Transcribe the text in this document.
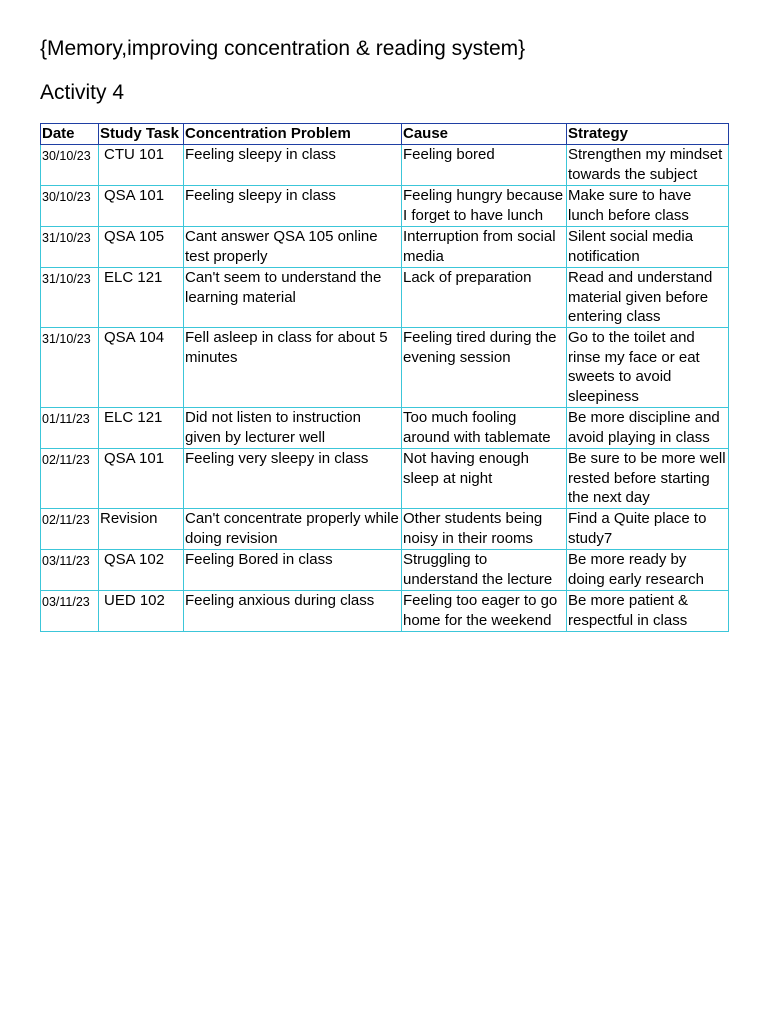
{Memory,improving concentration & reading system}
Activity 4
Date	Study Task	Concentration Problem	Cause	Strategy
30/10/23	CTU 101	Feeling sleepy in class	Feeling bored	Strengthen my mindset towards the subject
30/10/23	QSA 101	Feeling sleepy in class	Feeling hungry because I forget to have lunch	Make sure to have lunch before class
31/10/23	QSA 105	Cant answer QSA 105 online test properly	Interruption from social media	Silent social media notification
31/10/23	ELC 121	Can't seem to understand the learning material	Lack of preparation	Read and understand material given before entering class
31/10/23	QSA 104	Fell asleep in class for about 5 minutes	Feeling tired during the evening session	Go to the toilet and rinse my face or eat sweets to avoid sleepiness
01/11/23	ELC 121	Did not listen to instruction given by lecturer well	Too much fooling around with tablemate	Be more discipline and avoid playing in class
02/11/23	QSA 101	Feeling very sleepy in class	Not having enough sleep at night	Be sure to be more well rested before starting the next day
02/11/23	Revision	Can't concentrate properly while doing revision	Other students being noisy in their rooms	Find a Quite place to study7
03/11/23	QSA 102	Feeling Bored in class	Struggling to understand the lecture	Be more ready by doing early research
03/11/23	UED 102	Feeling anxious during class	Feeling too eager to go home for the weekend	Be more patient & respectful in class
